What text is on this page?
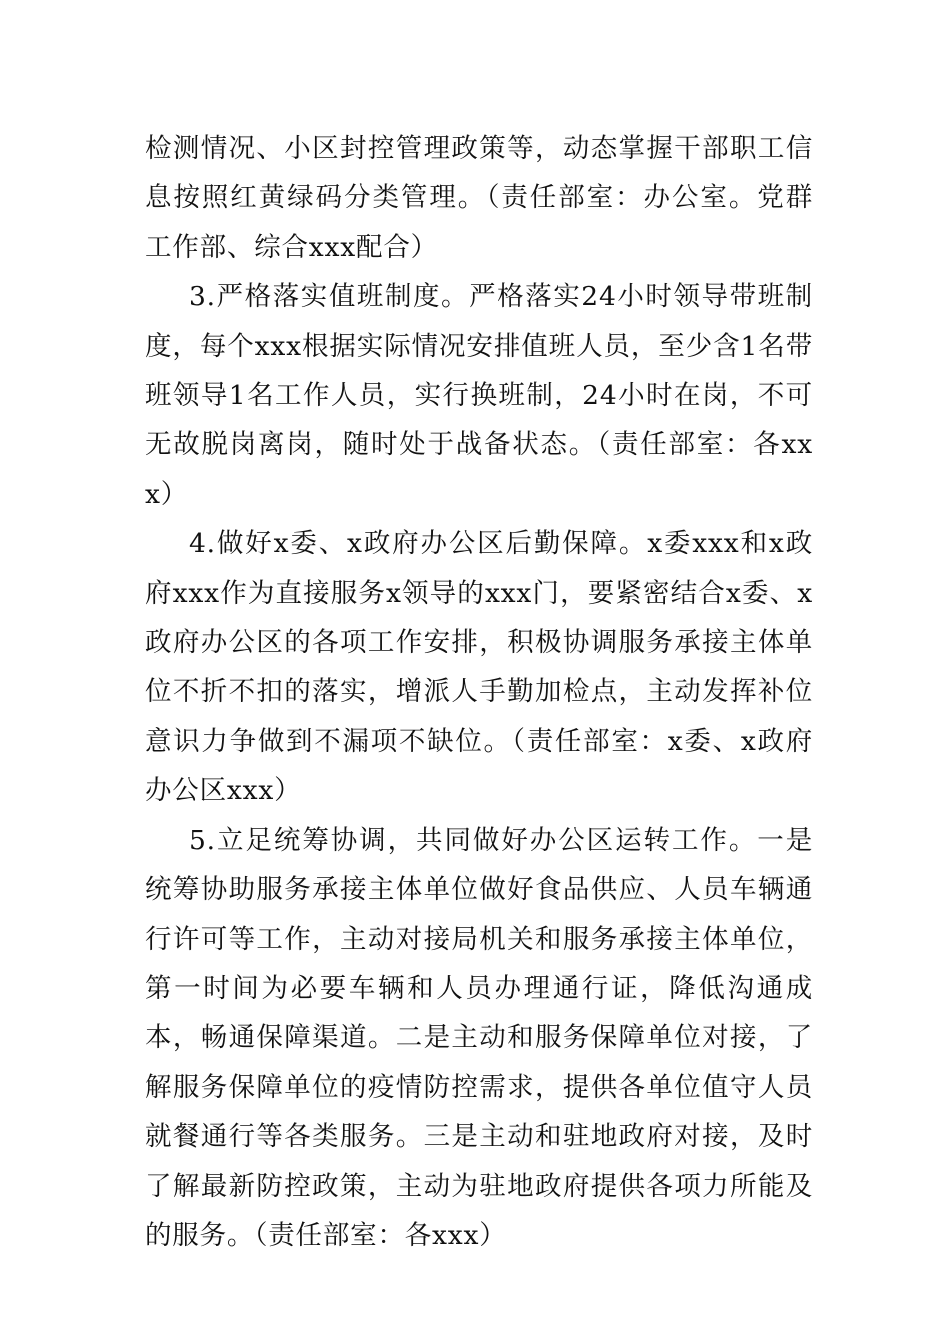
检测情况、小区封控管理政策等，动态掌握干部职工信息按照红黄绿码分类管理。（责任部室：办公室。党群工作部、综合xxx配合）

3.严格落实值班制度。严格落实24小时领导带班制度，每个xxx根据实际情况安排值班人员，至少含1名带班领导1名工作人员，实行换班制，24小时在岗，不可无故脱岗离岗，随时处于战备状态。（责任部室：各xxx）

4.做好x委、x政府办公区后勤保障。x委xxx和x政府xxx作为直接服务x领导的xxx门，要紧密结合x委、x政府办公区的各项工作安排，积极协调服务承接主体单位不折不扣的落实，增派人手勤加检点，主动发挥补位意识力争做到不漏项不缺位。（责任部室：x委、x政府办公区xxx）

5.立足统筹协调，共同做好办公区运转工作。一是统筹协助服务承接主体单位做好食品供应、人员车辆通行许可等工作，主动对接局机关和服务承接主体单位，第一时间为必要车辆和人员办理通行证，降低沟通成本，畅通保障渠道。二是主动和服务保障单位对接，了解服务保障单位的疫情防控需求，提供各单位值守人员就餐通行等各类服务。三是主动和驻地政府对接，及时了解最新防控政策，主动为驻地政府提供各项力所能及的服务。（责任部室：各xxx）
